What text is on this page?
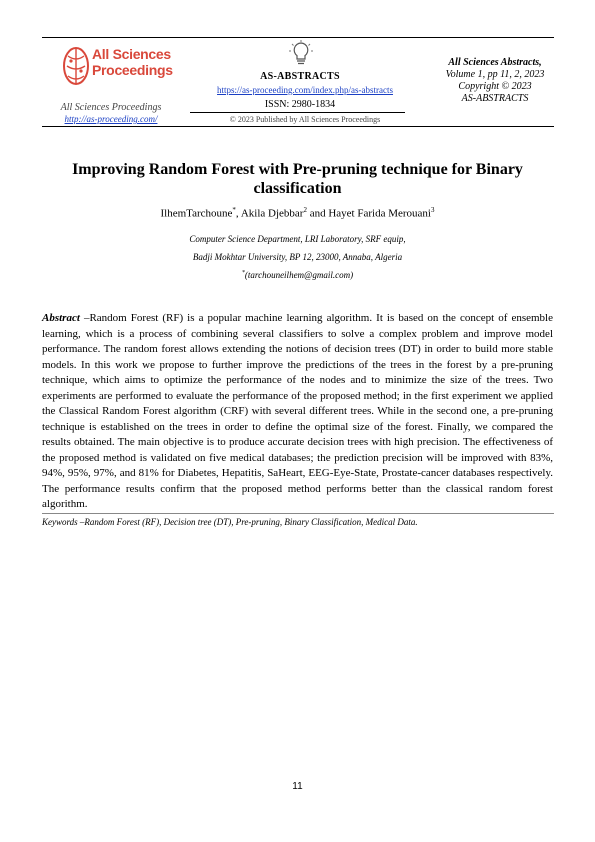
All Sciences
Proceedings
All Sciences Proceedings
http://as-proceeding.com/
AS-ABSTRACTS
https://as-proceeding.com/index.php/as-abstracts
ISSN: 2980-1834
© 2023 Published by All Sciences Proceedings
All Sciences Abstracts,
Volume 1, pp 11, 2, 2023
Copyright © 2023
AS-ABSTRACTS
Improving Random Forest with Pre-pruning technique for Binary
classification
IlhemTarchoune*, Akila Djebbar$^2$ and Hayet Farida Merouani$^3$
Computer Science Department, LRI Laboratory, SRF equip,
Badji Mokhtar University, BP 12, 23000, Annaba, Algeria
*(tarchouneilhem@gmail.com)
Abstract –Random Forest (RF) is a popular machine learning algorithm. It is based on the concept of ensemble learning, which is a process of combining several classifiers to solve a complex problem and improve model performance. The random forest allows extending the notions of decision trees (DT) in order to build more stable models. In this work we propose to further improve the predictions of the trees in the forest by a pre-pruning technique, which aims to optimize the performance of the nodes and to minimize the size of the trees. Two experiments are performed to evaluate the performance of the proposed method; in the first experiment we applied the Classical Random Forest algorithm (CRF) with several different trees. While in the second one, a pre-pruning technique is established on the trees in order to define the optimal size of the forest. Finally, we compared the results obtained. The main objective is to produce accurate decision trees with high precision. The effectiveness of the proposed method is validated on five medical databases; the prediction precision will be improved with 83%, 94%, 95%, 97%, and 81% for Diabetes, Hepatitis, SaHeart, EEG-Eye-State, Prostate-cancer databases respectively. The performance results confirm that the proposed method performs better than the classical random forest algorithm.
Keywords –Random Forest (RF), Decision tree (DT), Pre-pruning, Binary Classification, Medical Data.
11
